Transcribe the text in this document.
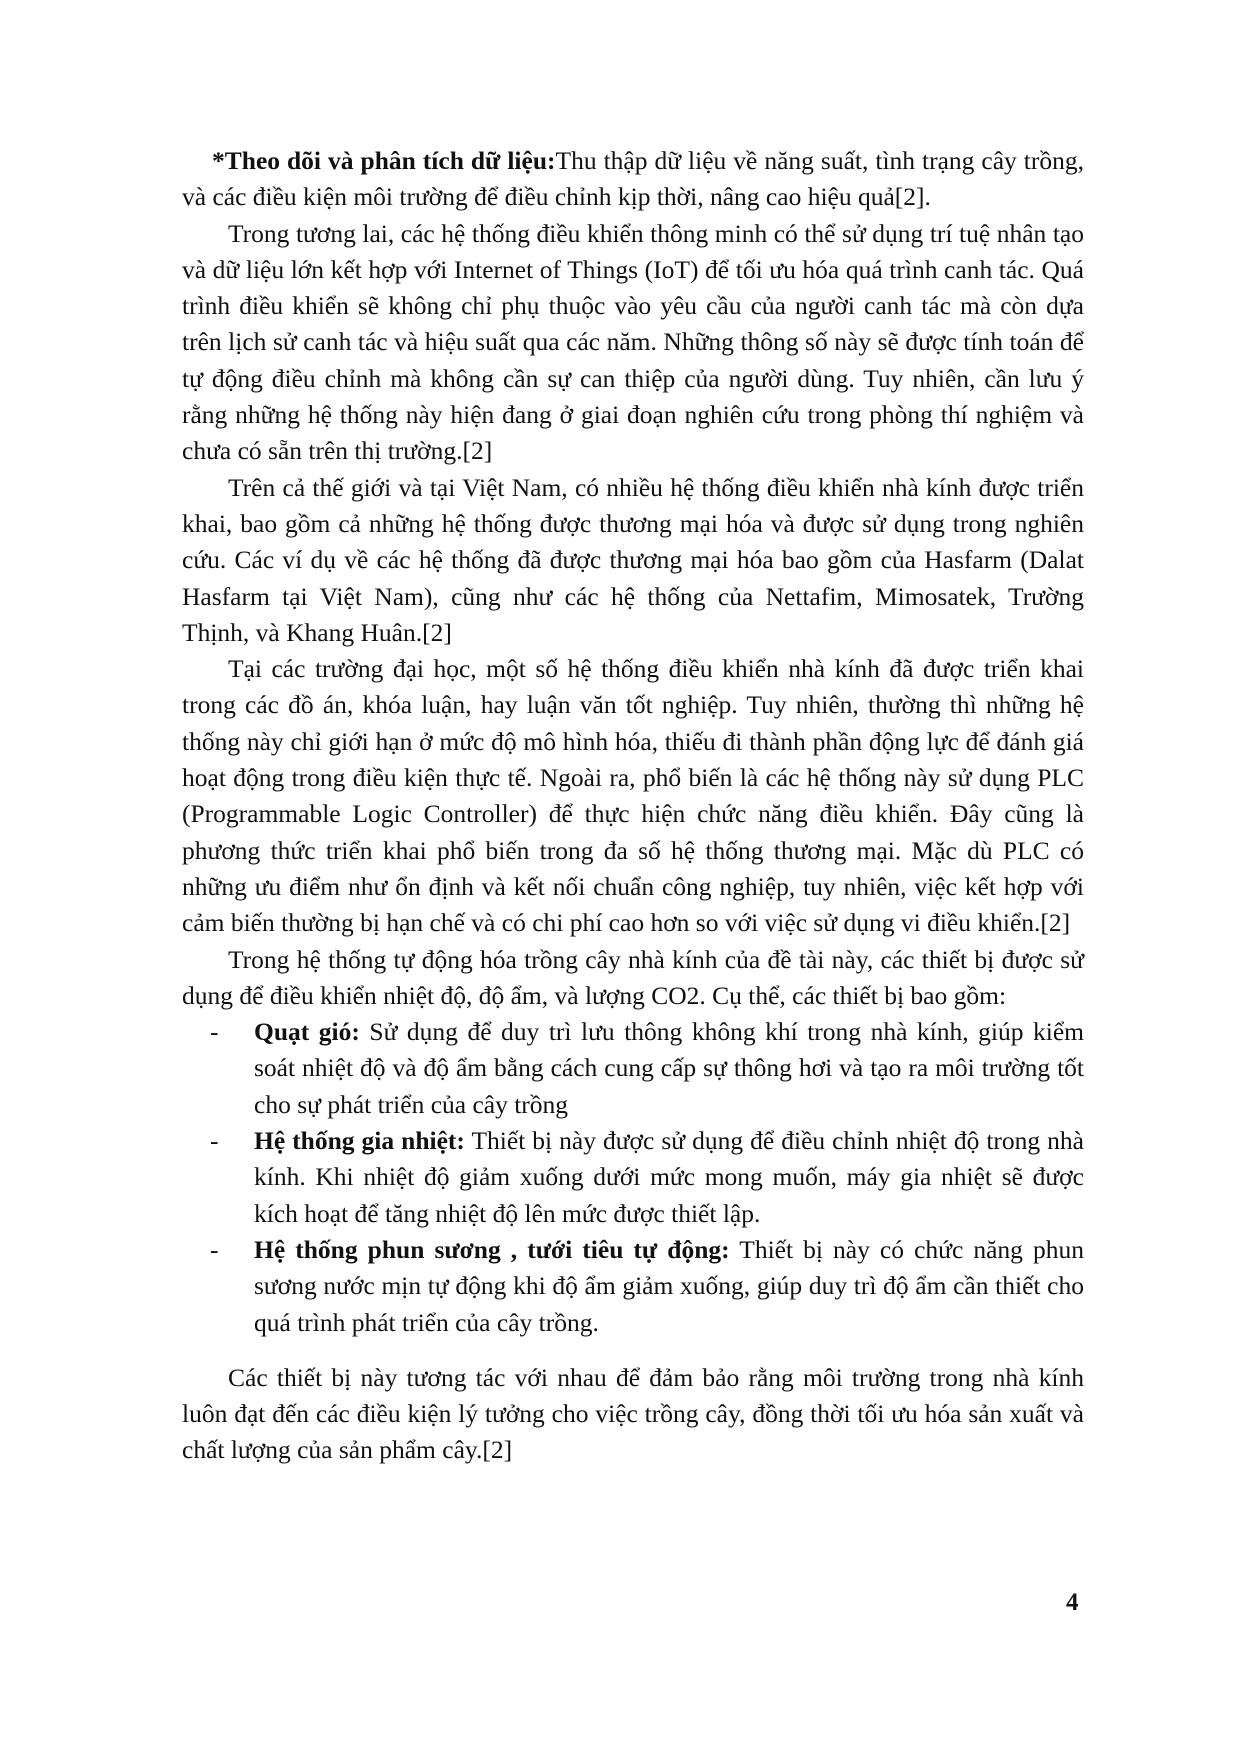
*Theo dõi và phân tích dữ liệu:Thu thập dữ liệu về năng suất, tình trạng cây trồng, và các điều kiện môi trường để điều chỉnh kịp thời, nâng cao hiệu quả[2].

Trong tương lai, các hệ thống điều khiển thông minh có thể sử dụng trí tuệ nhân tạo và dữ liệu lớn kết hợp với Internet of Things (IoT) để tối ưu hóa quá trình canh tác. Quá trình điều khiển sẽ không chỉ phụ thuộc vào yêu cầu của người canh tác mà còn dựa trên lịch sử canh tác và hiệu suất qua các năm. Những thông số này sẽ được tính toán để tự động điều chỉnh mà không cần sự can thiệp của người dùng. Tuy nhiên, cần lưu ý rằng những hệ thống này hiện đang ở giai đoạn nghiên cứu trong phòng thí nghiệm và chưa có sẵn trên thị trường.[2]

Trên cả thế giới và tại Việt Nam, có nhiều hệ thống điều khiển nhà kính được triển khai, bao gồm cả những hệ thống được thương mại hóa và được sử dụng trong nghiên cứu. Các ví dụ về các hệ thống đã được thương mại hóa bao gồm của Hasfarm (Dalat Hasfarm tại Việt Nam), cũng như các hệ thống của Nettafim, Mimosatek, Trường Thịnh, và Khang Huân.[2]

Tại các trường đại học, một số hệ thống điều khiển nhà kính đã được triển khai trong các đồ án, khóa luận, hay luận văn tốt nghiệp. Tuy nhiên, thường thì những hệ thống này chỉ giới hạn ở mức độ mô hình hóa, thiếu đi thành phần động lực để đánh giá hoạt động trong điều kiện thực tế. Ngoài ra, phổ biến là các hệ thống này sử dụng PLC (Programmable Logic Controller) để thực hiện chức năng điều khiển. Đây cũng là phương thức triển khai phổ biến trong đa số hệ thống thương mại. Mặc dù PLC có những ưu điểm như ổn định và kết nối chuẩn công nghiệp, tuy nhiên, việc kết hợp với cảm biến thường bị hạn chế và có chi phí cao hơn so với việc sử dụng vi điều khiển.[2]

Trong hệ thống tự động hóa trồng cây nhà kính của đề tài này, các thiết bị được sử dụng để điều khiển nhiệt độ, độ ẩm, và lượng CO2. Cụ thể, các thiết bị bao gồm:

- Quạt gió: Sử dụng để duy trì lưu thông không khí trong nhà kính, giúp kiểm soát nhiệt độ và độ ẩm bằng cách cung cấp sự thông hơi và tạo ra môi trường tốt cho sự phát triển của cây trồng
- Hệ thống gia nhiệt: Thiết bị này được sử dụng để điều chỉnh nhiệt độ trong nhà kính. Khi nhiệt độ giảm xuống dưới mức mong muốn, máy gia nhiệt sẽ được kích hoạt để tăng nhiệt độ lên mức được thiết lập.
- Hệ thống phun sương , tưới tiêu tự động: Thiết bị này có chức năng phun sương nước mịn tự động khi độ ẩm giảm xuống, giúp duy trì độ ẩm cần thiết cho quá trình phát triển của cây trồng.

Các thiết bị này tương tác với nhau để đảm bảo rằng môi trường trong nhà kính luôn đạt đến các điều kiện lý tưởng cho việc trồng cây, đồng thời tối ưu hóa sản xuất và chất lượng của sản phẩm cây.[2]

4
